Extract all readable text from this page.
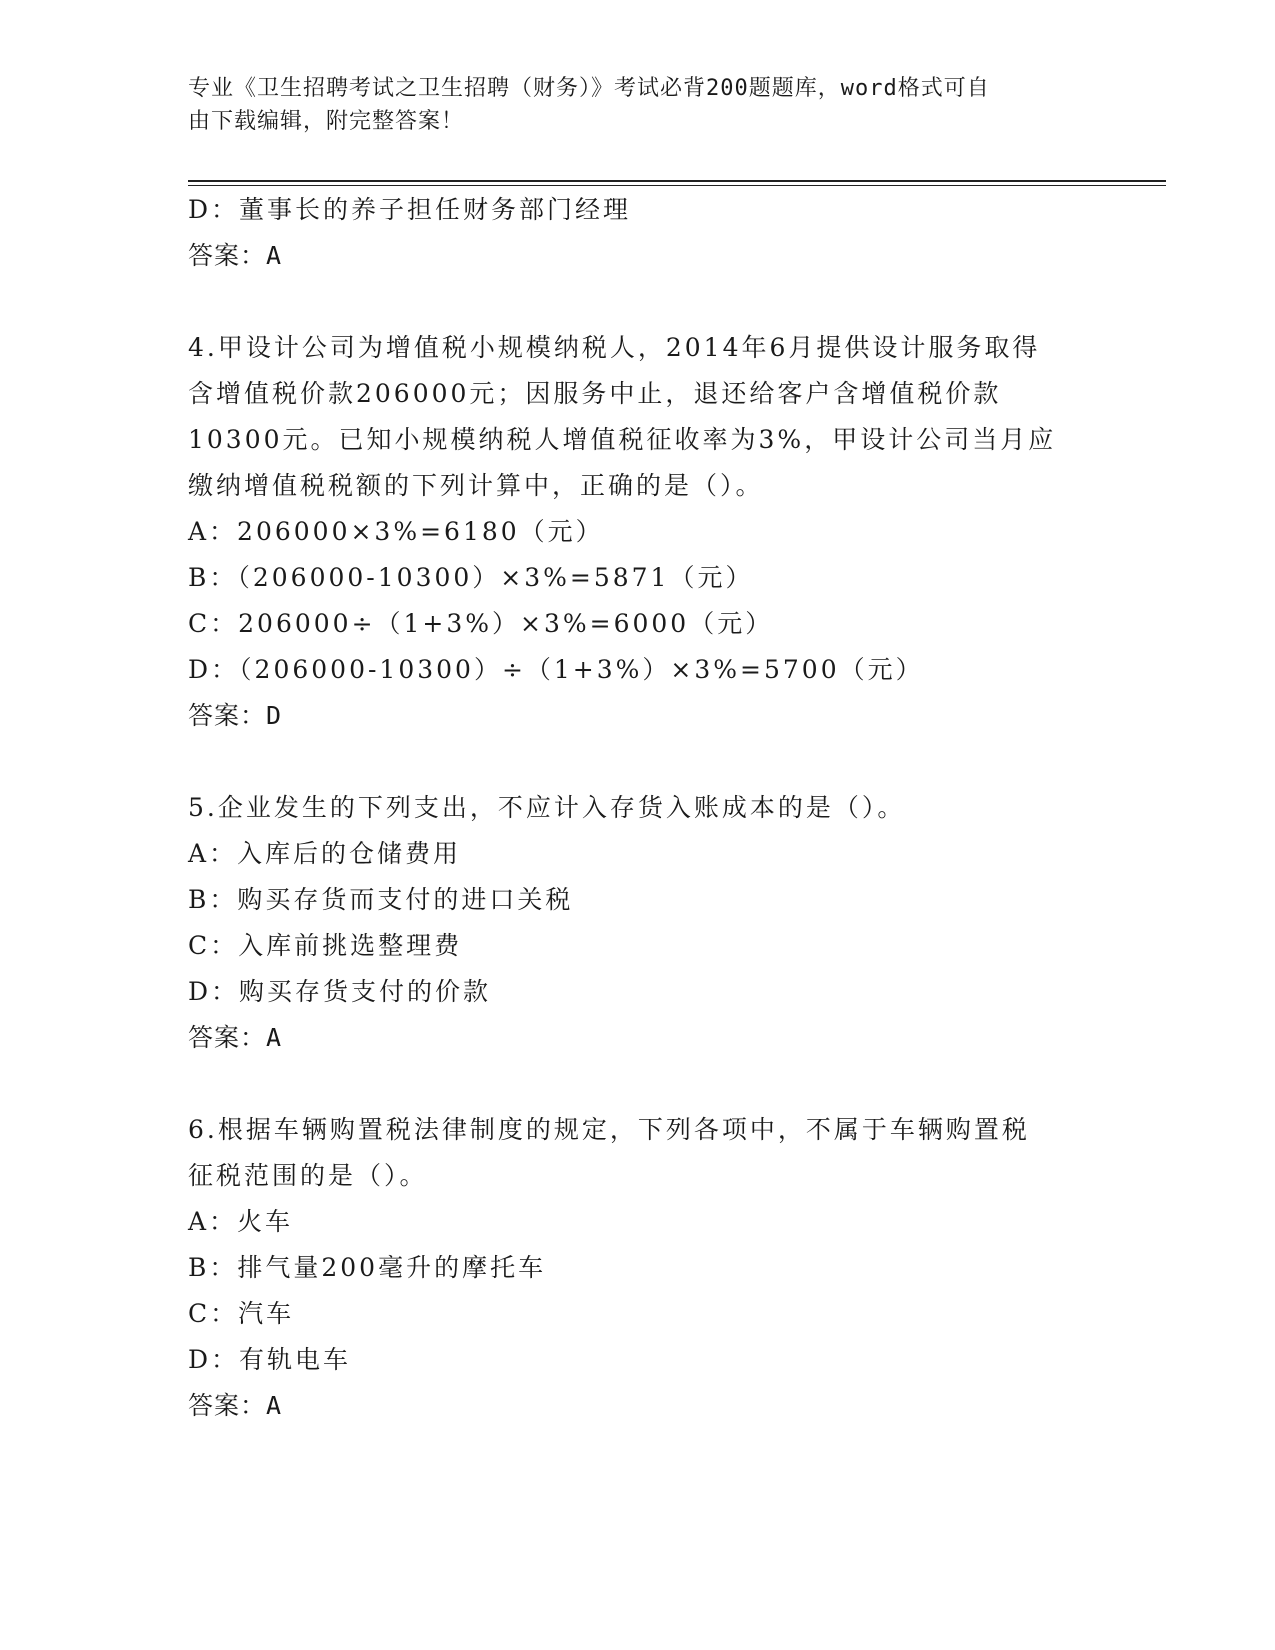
专业《卫生招聘考试之卫生招聘（财务）》考试必背200题题库，word格式可自
由下载编辑，附完整答案！
D：董事长的养子担任财务部门经理
答案：A
4.甲设计公司为增值税小规模纳税人，2014年6月提供设计服务取得
含增值税价款206000元；因服务中止，退还给客户含增值税价款
10300元。已知小规模纳税人增值税征收率为3%，甲设计公司当月应
缴纳增值税税额的下列计算中，正确的是（）。
A：206000×3%=6180（元）
B：（206000-10300）×3%=5871（元）
C：206000÷（1+3%）×3%=6000（元）
D：（206000-10300）÷（1+3%）×3%=5700（元）
答案：D
5.企业发生的下列支出，不应计入存货入账成本的是（）。
A：入库后的仓储费用
B：购买存货而支付的进口关税
C：入库前挑选整理费
D：购买存货支付的价款
答案：A
6.根据车辆购置税法律制度的规定，下列各项中，不属于车辆购置税
征税范围的是（）。
A：火车
B：排气量200毫升的摩托车
C：汽车
D：有轨电车
答案：A
